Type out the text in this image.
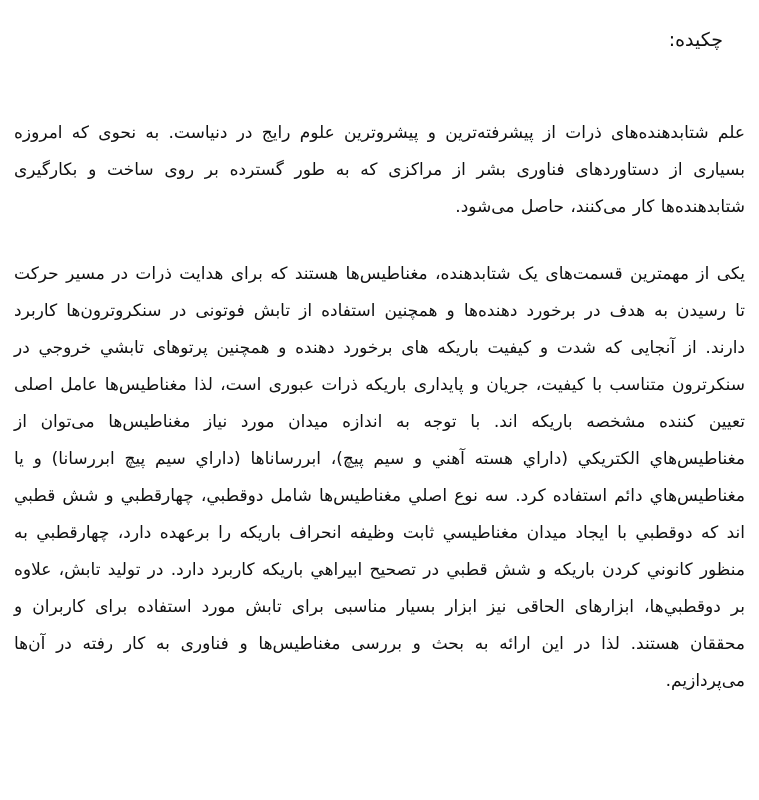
چکیده:

علم شتابدهنده‌های ذرات از پیشرفته‌ترین و پیشروترین علوم رایج در دنیاست. به نحوی که امروزه بسیاری از دستاوردهای فناوری بشر از مراکزی که به طور گسترده بر روی ساخت و بکارگیری شتابدهنده‌ها کار می‌کنند، حاصل می‌شود.

یکی از مهمترین قسمت‌های یک شتابدهنده، مغناطیس‌ها هستند که برای هدایت ذرات در مسیر حرکت تا رسیدن به هدف در برخورد دهنده‌ها و همچنین استفاده از تابش فوتونی در سنکروترون‌ها کاربرد دارند. از آنجایی که شدت و کیفیت باریکه های برخورد دهنده و همچنین پرتوهای تابشي خروجي در سنکرترون متناسب با کیفیت، جریان و پایداری باریکه ذرات عبوری است، لذا مغناطیس‌ها عامل اصلی تعیین کننده مشخصه باریکه اند. با توجه به اندازه میدان مورد نیاز مغناطیس‌ها می‌توان از مغناطیس‌هاي الکتریکي (داراي هسته آهني و سیم پیچ)، ابررساناها (داراي سیم پیچ ابررسانا) و یا مغناطیس‌هاي دائم استفاده کرد. سه نوع اصلي مغناطیس‌ها شامل دوقطبي، چهارقطبي و شش قطبي اند که دوقطبي با ایجاد میدان مغناطیسي ثابت وظیفه انحراف باریکه را برعهده دارد، چهارقطبي به منظور کانوني کردن باریکه و شش قطبي در تصحیح ابیراهي باریکه کاربرد دارد. در تولید تابش، علاوه بر دوقطبي‌ها، ابزارهای الحاقی نیز ابزار بسیار مناسبی برای تابش مورد استفاده برای کاربران و محققان هستند. لذا در این ارائه به بحث و بررسی مغناطیس‌ها و فناوری به کار رفته در آن‌ها می‌پردازیم.
